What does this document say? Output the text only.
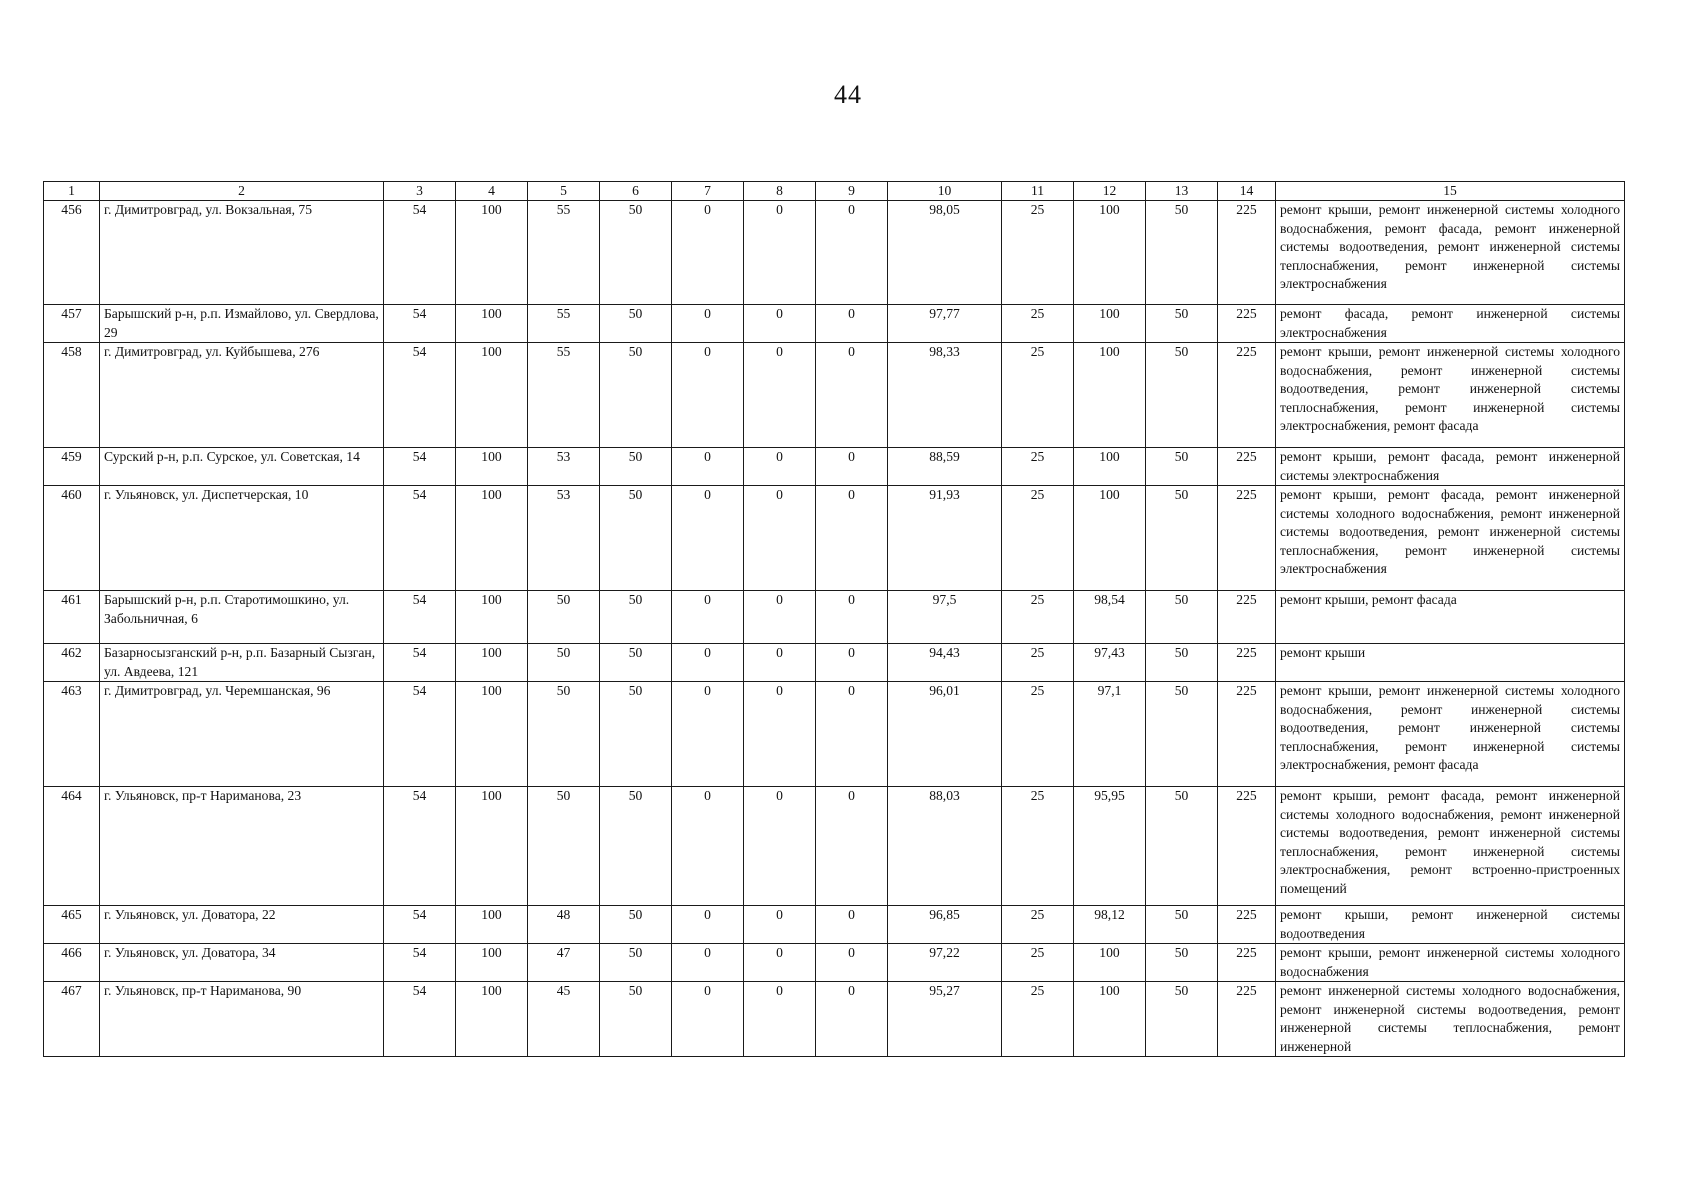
44
1	2	3	4	5	6	7	8	9	10	11	12	13	14	15
456	г. Димитровград, ул. Вокзальная, 75	54	100	55	50	0	0	0	98,05	25	100	50	225	ремонт крыши, ремонт инженерной системы холодного водоснабжения, ремонт фасада, ремонт инженерной системы водоотведения, ремонт инженерной системы теплоснабжения, ремонт инженерной системы электроснабжения
457	Барышский р-н, р.п. Измайлово, ул. Свердлова, 29	54	100	55	50	0	0	0	97,77	25	100	50	225	ремонт фасада, ремонт инженерной системы электроснабжения
458	г. Димитровград, ул. Куйбышева, 276	54	100	55	50	0	0	0	98,33	25	100	50	225	ремонт крыши, ремонт инженерной системы холодного водоснабжения, ремонт инженерной системы водоотведения, ремонт инженерной системы теплоснабжения, ремонт инженерной системы электроснабжения, ремонт фасада
459	Сурский р-н, р.п. Сурское, ул. Советская, 14	54	100	53	50	0	0	0	88,59	25	100	50	225	ремонт крыши, ремонт фасада, ремонт инженерной системы электроснабжения
460	г. Ульяновск, ул. Диспетчерская, 10	54	100	53	50	0	0	0	91,93	25	100	50	225	ремонт крыши, ремонт фасада, ремонт инженерной системы холодного водоснабжения, ремонт инженерной системы водоотведения, ремонт инженерной системы теплоснабжения, ремонт инженерной системы электроснабжения
461	Барышский р-н, р.п. Старотимошкино, ул. Забольничная, 6	54	100	50	50	0	0	0	97,5	25	98,54	50	225	ремонт крыши, ремонт фасада
462	Базарносызганский р-н, р.п. Базарный Сызган, ул. Авдеева, 121	54	100	50	50	0	0	0	94,43	25	97,43	50	225	ремонт крыши
463	г. Димитровград, ул. Черемшанская, 96	54	100	50	50	0	0	0	96,01	25	97,1	50	225	ремонт крыши, ремонт инженерной системы холодного водоснабжения, ремонт инженерной системы водоотведения, ремонт инженерной системы теплоснабжения, ремонт инженерной системы электроснабжения, ремонт фасада
464	г. Ульяновск, пр-т Нариманова, 23	54	100	50	50	0	0	0	88,03	25	95,95	50	225	ремонт крыши, ремонт фасада, ремонт инженерной системы холодного водоснабжения, ремонт инженерной системы водоотведения, ремонт инженерной системы теплоснабжения, ремонт инженерной системы электроснабжения, ремонт встроенно-пристроенных помещений
465	г. Ульяновск, ул. Доватора, 22	54	100	48	50	0	0	0	96,85	25	98,12	50	225	ремонт крыши, ремонт инженерной системы водоотведения
466	г. Ульяновск, ул. Доватора, 34	54	100	47	50	0	0	0	97,22	25	100	50	225	ремонт крыши, ремонт инженерной системы холодного водоснабжения
467	г. Ульяновск, пр-т Нариманова, 90	54	100	45	50	0	0	0	95,27	25	100	50	225	ремонт инженерной системы холодного водоснабжения, ремонт инженерной системы водоотведения, ремонт инженерной системы теплоснабжения, ремонт инженерной
